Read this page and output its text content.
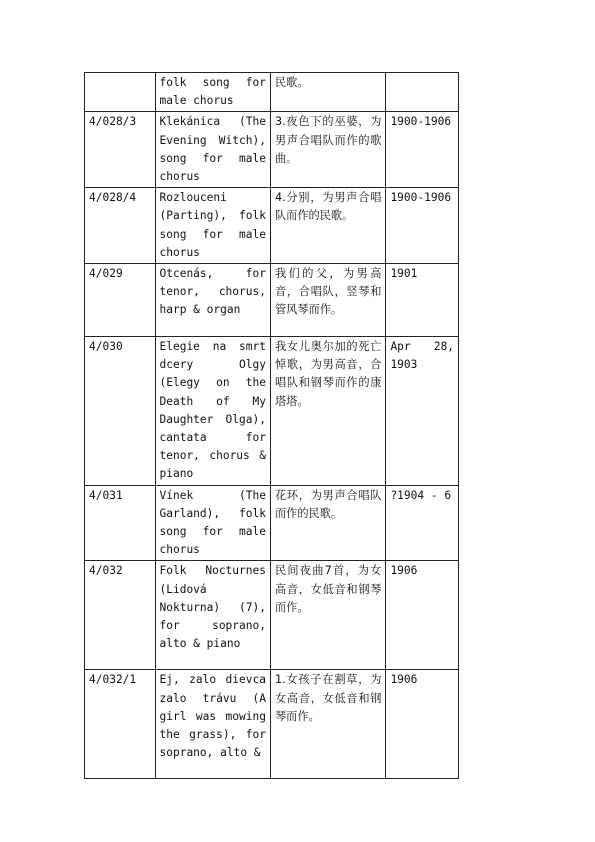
	folk song for male chorus	民歌。	
4/028/3	Klekánica (The Evening Witch), song for male chorus	3.夜色下的巫婆，为男声合唱队而作的歌曲。	1900-1906
4/028/4	Rozlouceni (Parting), folk song for male chorus	4.分别，为男声合唱队而作的民歌。	1900-1906
4/029	Otcenás, for tenor, chorus, harp & organ	我们的父，为男高音，合唱队，竖琴和管风琴而作。	1901
4/030	Elegie na smrt dcery Olgy (Elegy on the Death of My Daughter Olga), cantata for tenor, chorus & piano	我女儿奥尔加的死亡悼歌，为男高音，合唱队和钢琴而作的康塔塔。	Apr 28, 1903
4/031	Vínek (The Garland), folk song for male chorus	花环，为男声合唱队而作的民歌。	?1904 - 6
4/032	Folk Nocturnes (Lidová Nokturna) (7), for soprano, alto & piano	民间夜曲7首，为女高音，女低音和钢琴而作。	1906
4/032/1	Ej, zalo dievca zalo trávu (A girl was mowing the grass), for soprano, alto &	1.女孩子在割草，为女高音，女低音和钢琴而作。	1906
